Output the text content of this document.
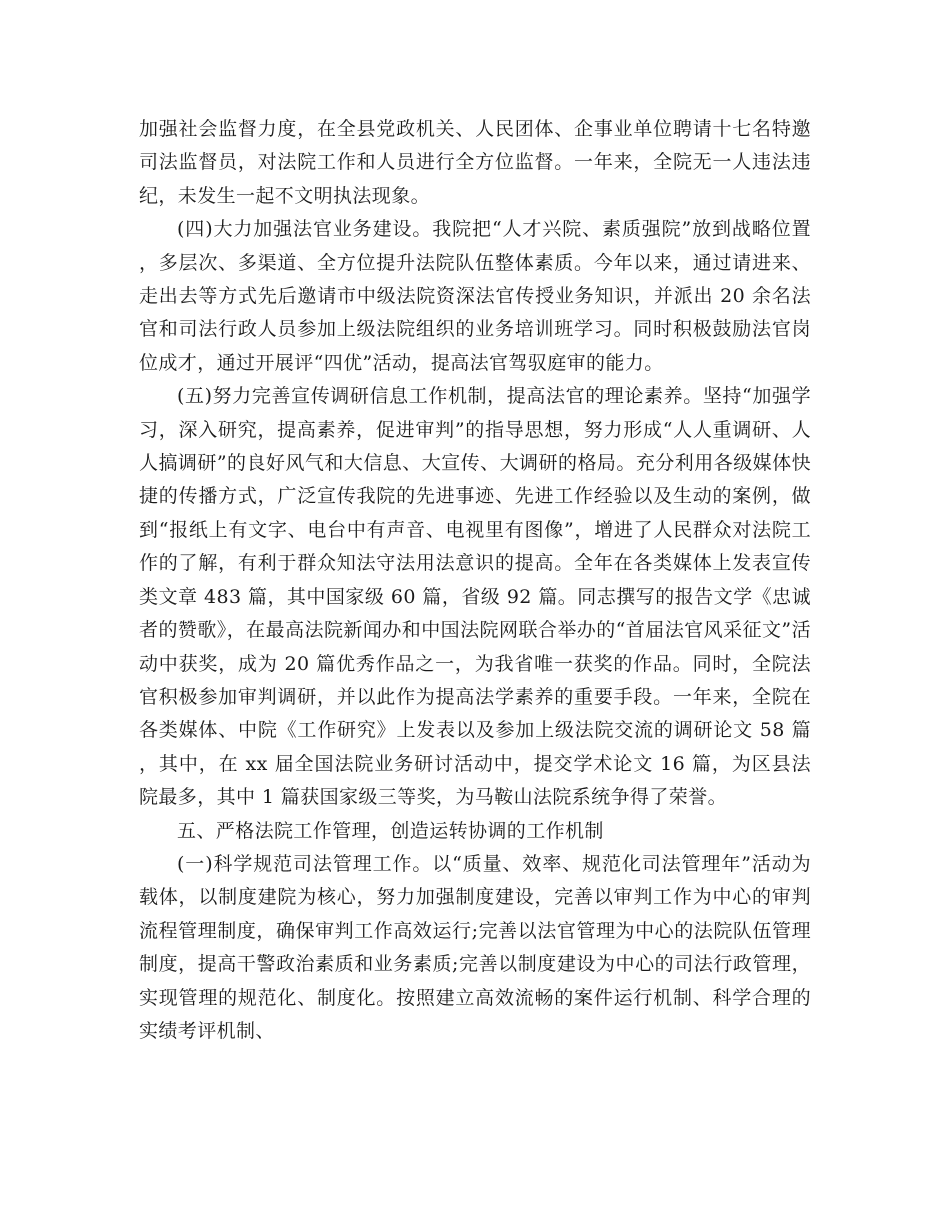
加强社会监督力度，在全县党政机关、人民团体、企事业单位聘请十七名特邀司法监督员，对法院工作和人员进行全方位监督。一年来，全院无一人违法违纪，未发生一起不文明执法现象。

(四)大力加强法官业务建设。我院把“人才兴院、素质强院”放到战略位置，多层次、多渠道、全方位提升法院队伍整体素质。今年以来，通过请进来、走出去等方式先后邀请市中级法院资深法官传授业务知识，并派出 20 余名法官和司法行政人员参加上级法院组织的业务培训班学习。同时积极鼓励法官岗位成才，通过开展评“四优”活动，提高法官驾驭庭审的能力。

(五)努力完善宣传调研信息工作机制，提高法官的理论素养。坚持“加强学习，深入研究，提高素养，促进审判”的指导思想，努力形成“人人重调研、人人搞调研”的良好风气和大信息、大宣传、大调研的格局。充分利用各级媒体快捷的传播方式，广泛宣传我院的先进事迹、先进工作经验以及生动的案例，做到“报纸上有文字、电台中有声音、电视里有图像”，增进了人民群众对法院工作的了解，有利于群众知法守法用法意识的提高。全年在各类媒体上发表宣传类文章 483 篇，其中国家级 60 篇，省级 92 篇。同志撰写的报告文学《忠诚者的赞歌》，在最高法院新闻办和中国法院网联合举办的“首届法官风采征文”活动中获奖，成为 20 篇优秀作品之一，为我省唯一获奖的作品。同时，全院法官积极参加审判调研，并以此作为提高法学素养的重要手段。一年来，全院在各类媒体、中院《工作研究》上发表以及参加上级法院交流的调研论文 58 篇，其中，在 xx 届全国法院业务研讨活动中，提交学术论文 16 篇，为区县法院最多，其中 1 篇获国家级三等奖，为马鞍山法院系统争得了荣誉。

五、严格法院工作管理，创造运转协调的工作机制

(一)科学规范司法管理工作。以“质量、效率、规范化司法管理年”活动为载体，以制度建院为核心，努力加强制度建设，完善以审判工作为中心的审判流程管理制度，确保审判工作高效运行;完善以法官管理为中心的法院队伍管理制度，提高干警政治素质和业务素质;完善以制度建设为中心的司法行政管理，实现管理的规范化、制度化。按照建立高效流畅的案件运行机制、科学合理的实绩考评机制、
